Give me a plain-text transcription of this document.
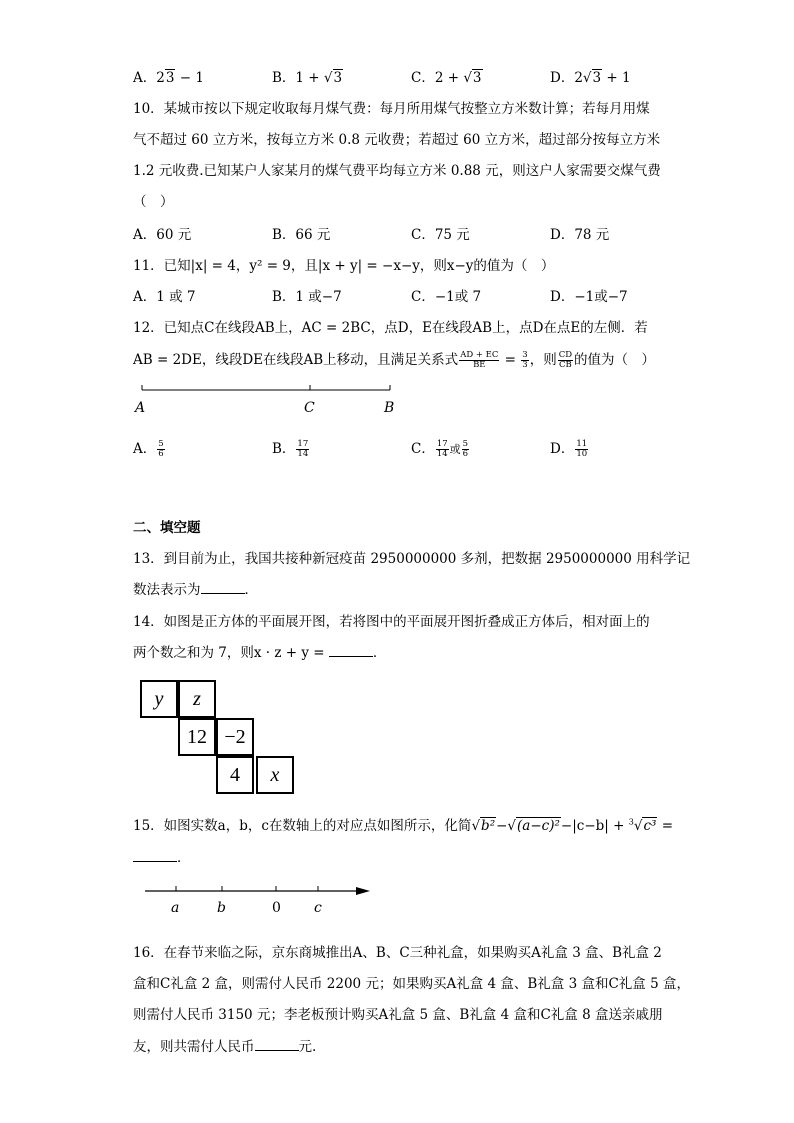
A．23 − 1	B．1 + √3	C．2 + √3	D．2√3 + 1
10．某城市按以下规定收取每月煤气费：每月所用煤气按整立方米数计算；若每月用煤
气不超过 60 立方米，按每立方米 0.8 元收费；若超过 60 立方米，超过部分按每立方米
1.2 元收费.已知某户人家某月的煤气费平均每立方米 0.88 元，则这户人家需要交煤气费
（　）
A．60 元	B．66 元	C．75 元	D．78 元
11．已知|x| = 4，y² = 9，且|x + y| = −x−y，则x−y的值为（　）
A．1 或 7	B．1 或−7	C．−1或 7	D．−1或−7
12．已知点C在线段AB上，AC = 2BC，点D，E在线段AB上，点D在点E的左侧．若
AB = 2DE，线段DE在线段AB上移动，且满足关系式 $\frac{AD + EC}{BE} = \frac{3}{3}$ ，则 $\frac{CD}{CB}$ 的值为（　）
A	C	B
A． $\frac{5}{6}$	B． $\frac{17}{14}$	C． $\frac{17}{14}$ 或 $\frac{5}{6}$	D． $\frac{11}{10}$
二、填空题
13．到目前为止，我国共接种新冠疫苗 2950000000 多剂，把数据 2950000000 用科学记
数法表示为	．
14．如图是正方体的平面展开图，若将图中的平面展开图折叠成正方体后，相对面上的
两个数之和为 7，则x · z + y =	．
y	z
12 −2
4	x
15．如图实数a，b，c在数轴上的对应点如图所示，化简√b²−√(a−c)²−|c−b| + $^3$√c³ =
．
a	b	0 c
16．在春节来临之际，京东商城推出A、B、C三种礼盒，如果购买A礼盒 3 盒、B礼盒 2
盒和C礼盒 2 盒，则需付人民币 2200 元；如果购买A礼盒 4 盒、B礼盒 3 盒和C礼盒 5 盒，
则需付人民币 3150 元；李老板预计购买A礼盒 5 盒、B礼盒 4 盒和C礼盒 8 盒送亲戚朋
友，则共需付人民币	元.
